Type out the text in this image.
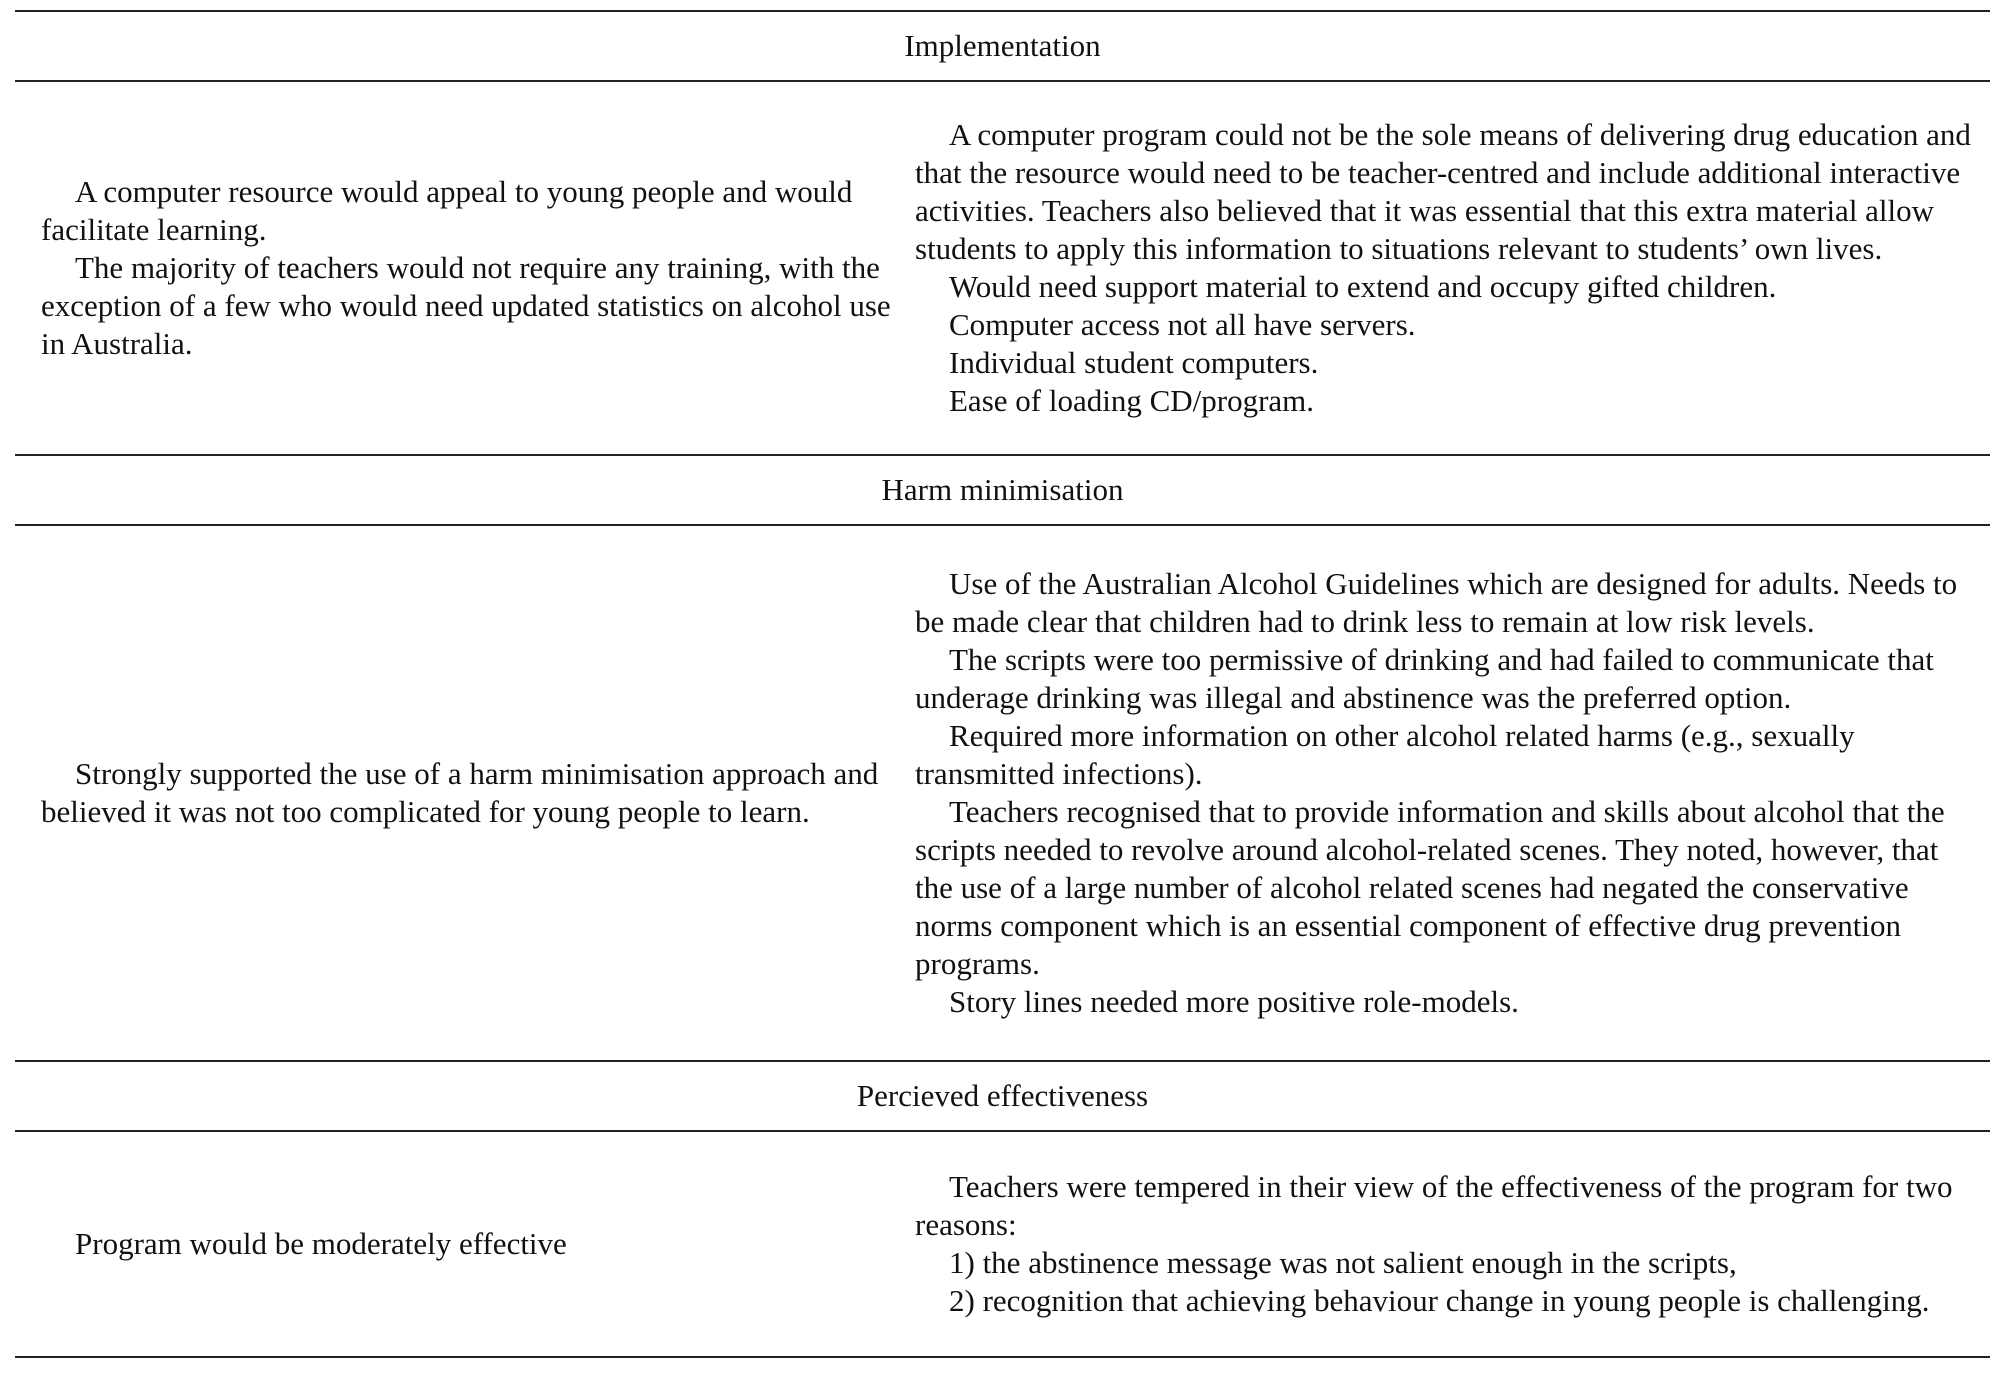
Implementation

A computer resource would appeal to young people and would facilitate learning.

The majority of teachers would not require any training, with the exception of a few who would need updated statistics on alcohol use in Australia.

A computer program could not be the sole means of delivering drug education and that the resource would need to be teacher-centred and include additional interactive activities. Teachers also believed that it was essential that this extra material allow students to apply this information to situations relevant to students’ own lives.

Would need support material to extend and occupy gifted children.

Computer access not all have servers.

Individual student computers.

Ease of loading CD/program.

Harm minimisation

Strongly supported the use of a harm minimisation approach and believed it was not too complicated for young people to learn.

Use of the Australian Alcohol Guidelines which are designed for adults. Needs to be made clear that children had to drink less to remain at low risk levels.

The scripts were too permissive of drinking and had failed to communicate that underage drinking was illegal and abstinence was the preferred option.

Required more information on other alcohol related harms (e.g., sexually transmitted infections).

Teachers recognised that to provide information and skills about alcohol that the scripts needed to revolve around alcohol-related scenes. They noted, however, that the use of a large number of alcohol related scenes had negated the conservative norms component which is an essential component of effective drug prevention programs.

Story lines needed more positive role-models.

Percieved effectiveness

Program would be moderately effective

Teachers were tempered in their view of the effectiveness of the program for two reasons:

1) the abstinence message was not salient enough in the scripts,

2) recognition that achieving behaviour change in young people is challenging.
